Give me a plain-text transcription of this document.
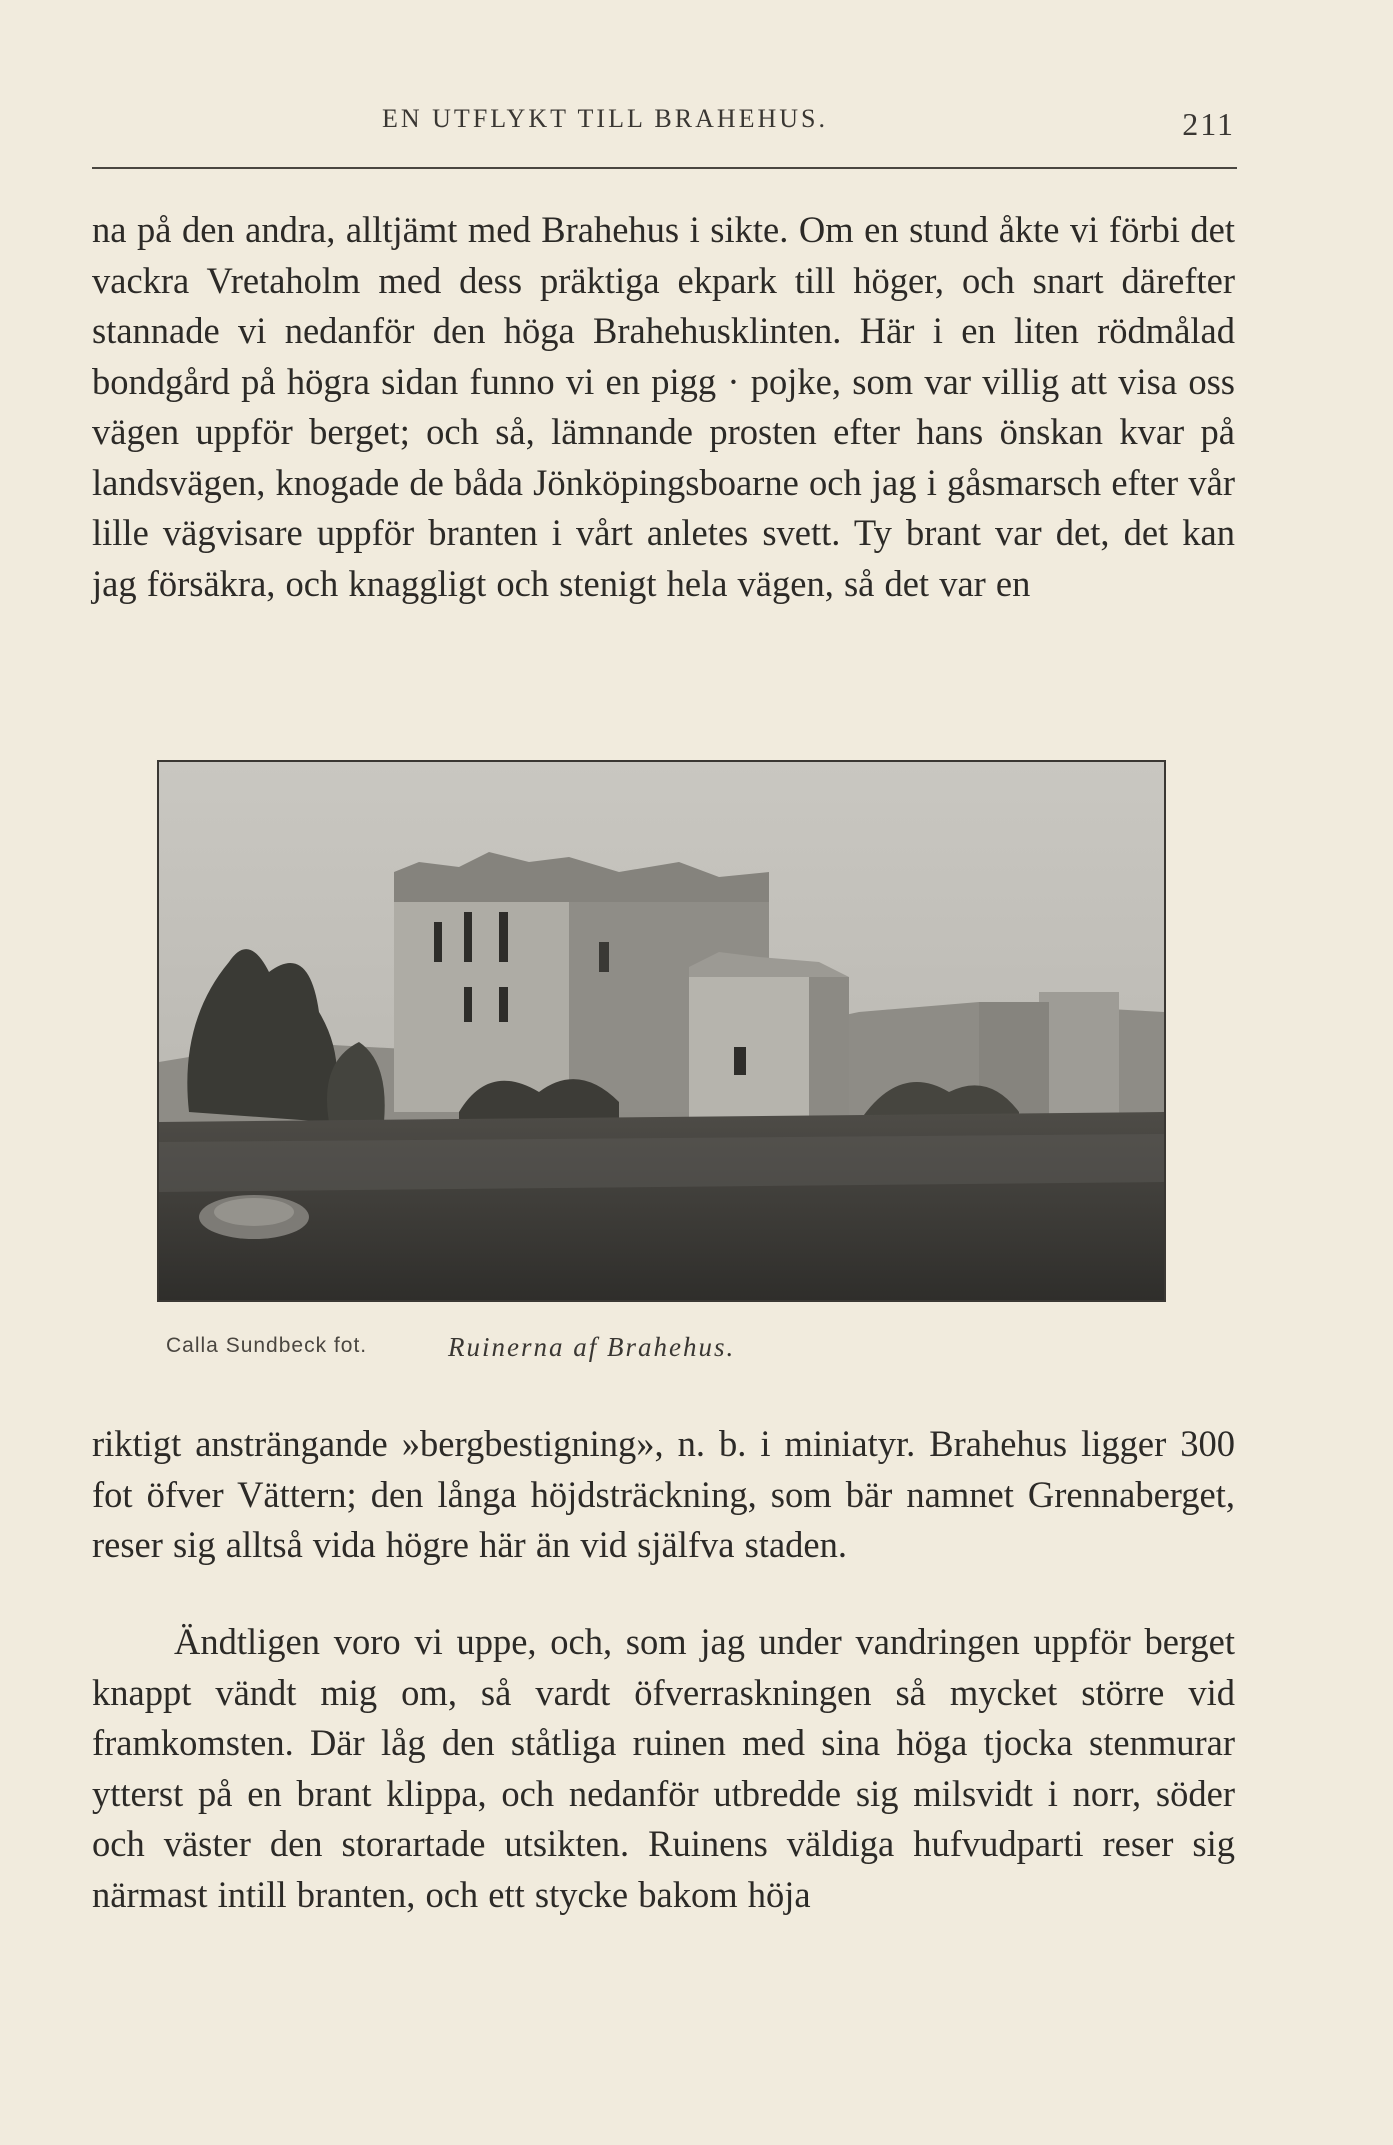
EN UTFLYKT TILL BRAHEHUS.	211

na på den andra, alltjämt med Brahehus i sikte. Om en stund åkte vi förbi det vackra Vretaholm med dess präktiga ekpark till höger, och snart därefter stannade vi nedanför den höga Brahehusklinten. Här i en liten rödmålad bondgård på högra sidan funno vi en pigg · pojke, som var villig att visa oss vägen uppför berget; och så, lämnande prosten efter hans önskan kvar på landsvägen, knogade de båda Jönköpingsboarne och jag i gåsmarsch efter vår lille vägvisare uppför branten i vårt anletes svett. Ty brant var det, det kan jag försäkra, och knaggligt och stenigt hela vägen, så det var en

Calla Sundbeck fot.	Ruinerna af Brahehus.

riktigt ansträngande »bergbestigning», n. b. i miniatyr. Brahehus ligger 300 fot öfver Vättern; den långa höjdsträckning, som bär namnet Grennaberget, reser sig alltså vida högre här än vid själfva staden.

Ändtligen voro vi uppe, och, som jag under vandringen uppför berget knappt vändt mig om, så vardt öfverraskningen så mycket större vid framkomsten. Där låg den ståtliga ruinen med sina höga tjocka stenmurar ytterst på en brant klippa, och nedanför utbredde sig milsvidt i norr, söder och väster den storartade utsikten. Ruinens väldiga hufvudparti reser sig närmast intill branten, och ett stycke bakom höja
